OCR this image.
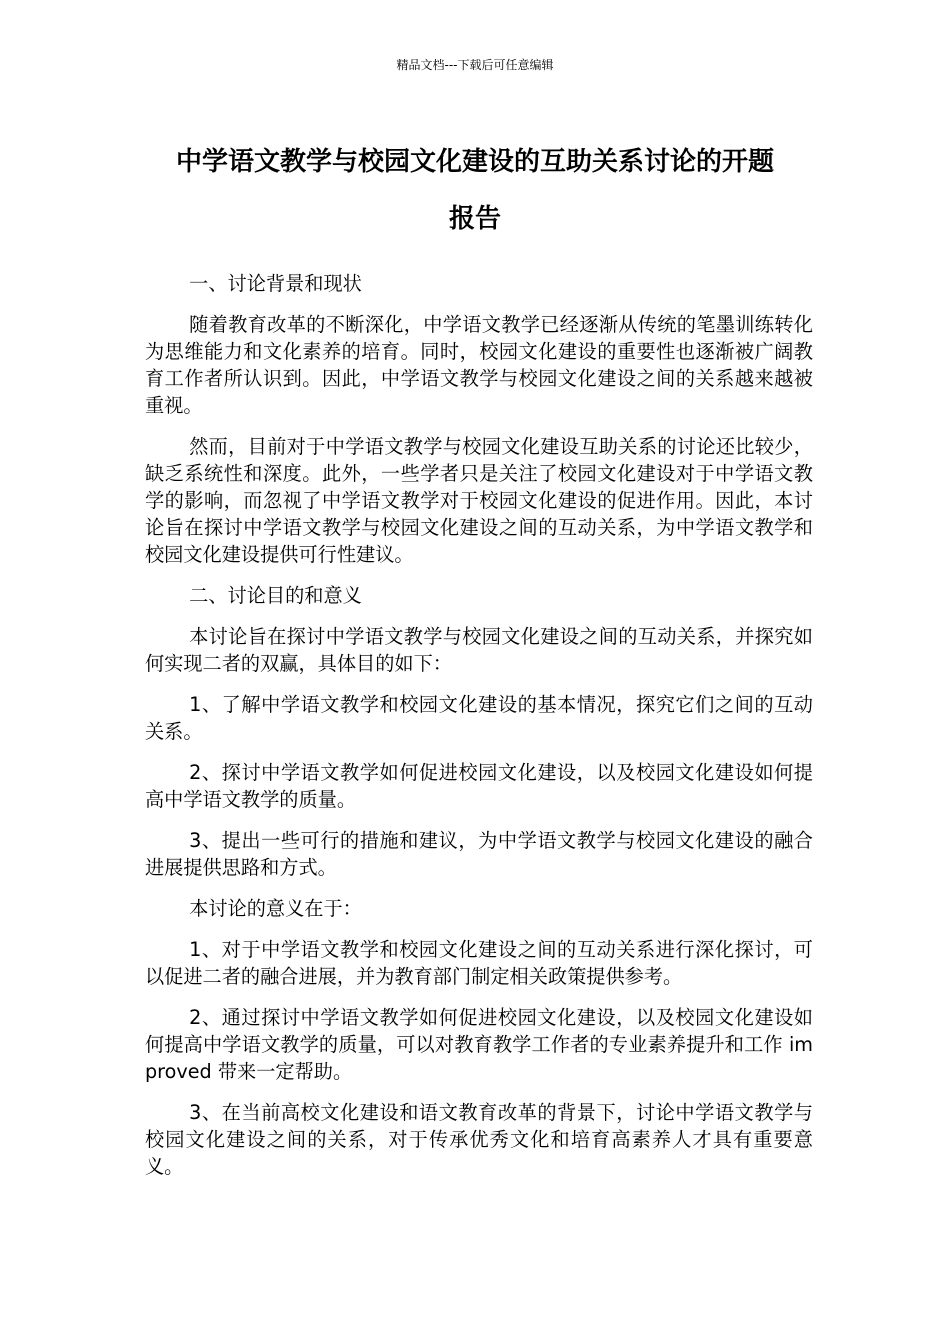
精品文档---下载后可任意编辑
中学语文教学与校园文化建设的互助关系讨论的开题
报告

一、讨论背景和现状

随着教育改革的不断深化，中学语文教学已经逐渐从传统的笔墨训练转化为思维能力和文化素养的培育。同时，校园文化建设的重要性也逐渐被广阔教育工作者所认识到。因此，中学语文教学与校园文化建设之间的关系越来越被重视。

然而，目前对于中学语文教学与校园文化建设互助关系的讨论还比较少，缺乏系统性和深度。此外，一些学者只是关注了校园文化建设对于中学语文教学的影响，而忽视了中学语文教学对于校园文化建设的促进作用。因此，本讨论旨在探讨中学语文教学与校园文化建设之间的互动关系，为中学语文教学和校园文化建设提供可行性建议。

二、讨论目的和意义

本讨论旨在探讨中学语文教学与校园文化建设之间的互动关系，并探究如何实现二者的双赢，具体目的如下：

1、了解中学语文教学和校园文化建设的基本情况，探究它们之间的互动关系。

2、探讨中学语文教学如何促进校园文化建设，以及校园文化建设如何提高中学语文教学的质量。

3、提出一些可行的措施和建议，为中学语文教学与校园文化建设的融合进展提供思路和方式。

本讨论的意义在于：

1、对于中学语文教学和校园文化建设之间的互动关系进行深化探讨，可以促进二者的融合进展，并为教育部门制定相关政策提供参考。

2、通过探讨中学语文教学如何促进校园文化建设，以及校园文化建设如何提高中学语文教学的质量，可以对教育教学工作者的专业素养提升和工作 improved 带来一定帮助。

3、在当前高校文化建设和语文教育改革的背景下，讨论中学语文教学与校园文化建设之间的关系，对于传承优秀文化和培育高素养人才具有重要意义。
